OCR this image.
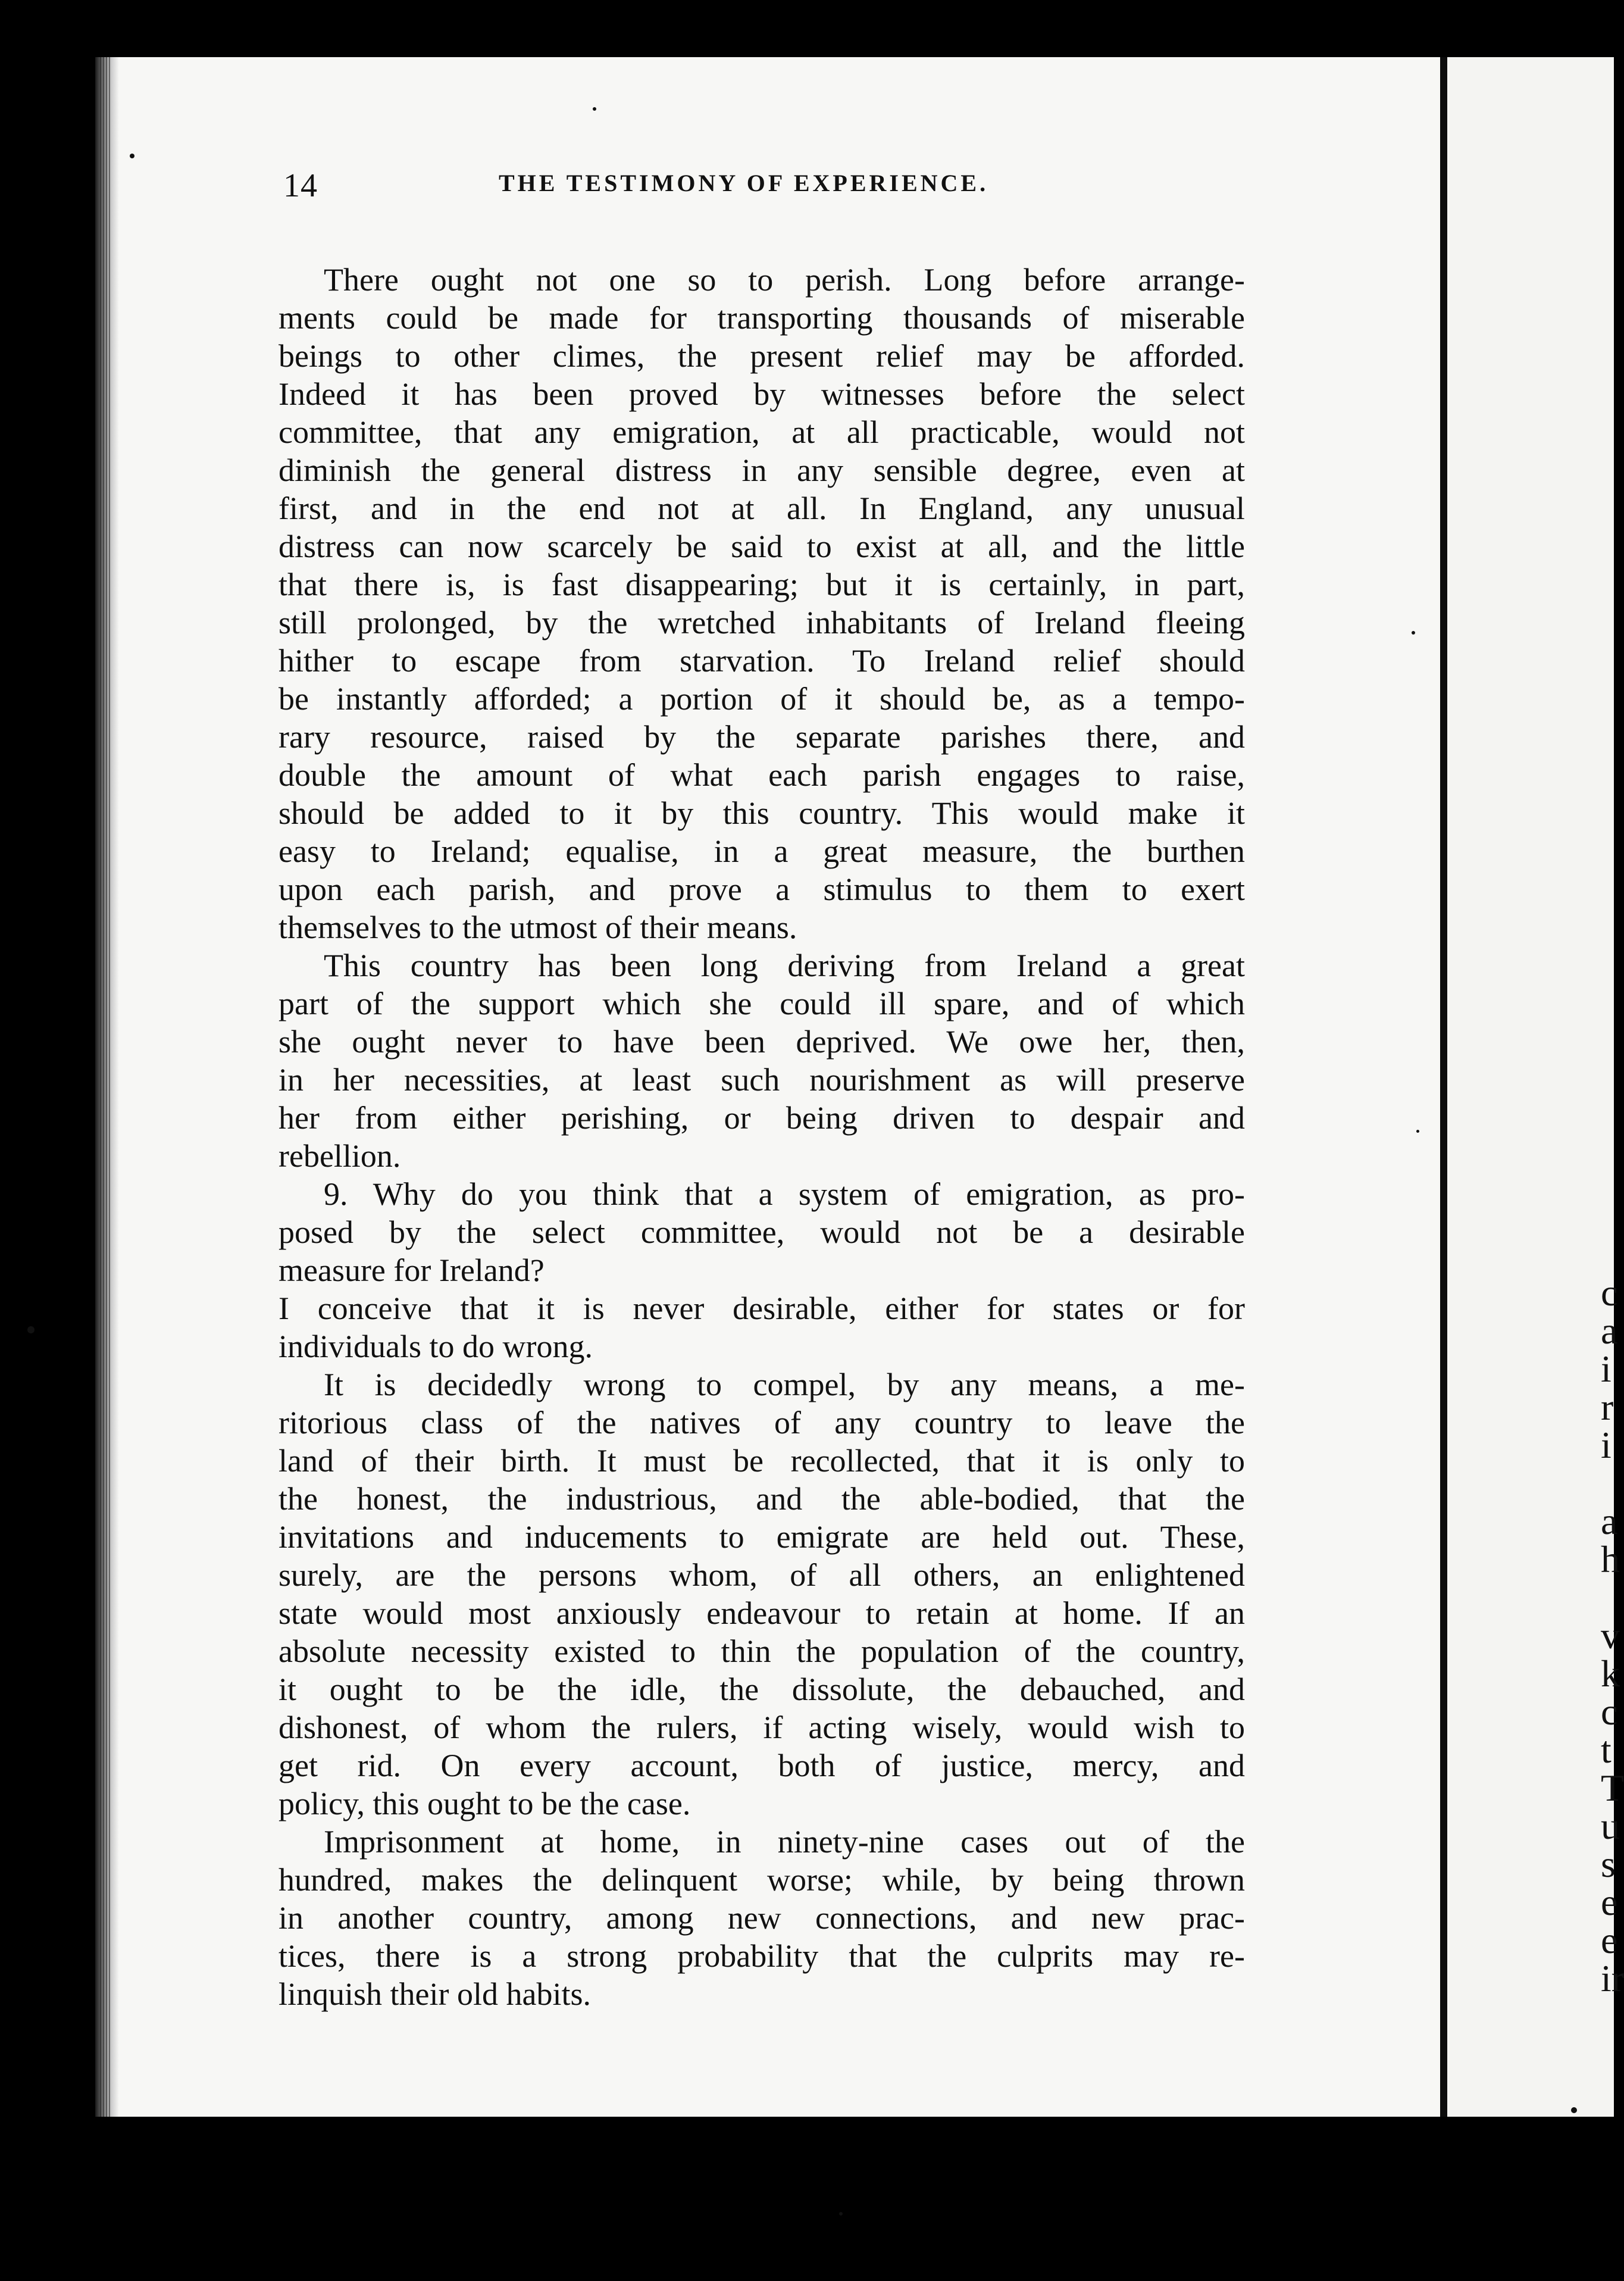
c
a
i
r
i
a
h
v
k
c
t
T
u
s
e
e
ir
14	THE TESTIMONY OF EXPERIENCE.
There ought not one so to perish. Long before arrange-
ments could be made for transporting thousands of miserable
beings to other climes, the present relief may be afforded.
Indeed it has been proved by witnesses before the select
committee, that any emigration, at all practicable, would not
diminish the general distress in any sensible degree, even at
first, and in the end not at all. In England, any unusual
distress can now scarcely be said to exist at all, and the little
that there is, is fast disappearing; but it is certainly, in part,
still prolonged, by the wretched inhabitants of Ireland fleeing
hither to escape from starvation. To Ireland relief should
be instantly afforded; a portion of it should be, as a tempo-
rary resource, raised by the separate parishes there, and
double the amount of what each parish engages to raise,
should be added to it by this country. This would make it
easy to Ireland; equalise, in a great measure, the burthen
upon each parish, and prove a stimulus to them to exert
themselves to the utmost of their means.
This country has been long deriving from Ireland a great
part of the support which she could ill spare, and of which
she ought never to have been deprived. We owe her, then,
in her necessities, at least such nourishment as will preserve
her from either perishing, or being driven to despair and
rebellion.
9. Why do you think that a system of emigration, as pro-
posed by the select committee, would not be a desirable
measure for Ireland?
I conceive that it is never desirable, either for states or for
individuals to do wrong.
It is decidedly wrong to compel, by any means, a me-
ritorious class of the natives of any country to leave the
land of their birth. It must be recollected, that it is only to
the honest, the industrious, and the able-bodied, that the
invitations and inducements to emigrate are held out. These,
surely, are the persons whom, of all others, an enlightened
state would most anxiously endeavour to retain at home. If an
absolute necessity existed to thin the population of the country,
it ought to be the idle, the dissolute, the debauched, and
dishonest, of whom the rulers, if acting wisely, would wish to
get rid. On every account, both of justice, mercy, and
policy, this ought to be the case.
Imprisonment at home, in ninety-nine cases out of the
hundred, makes the delinquent worse; while, by being thrown
in another country, among new connections, and new prac-
tices, there is a strong probability that the culprits may re-
linquish their old habits.
